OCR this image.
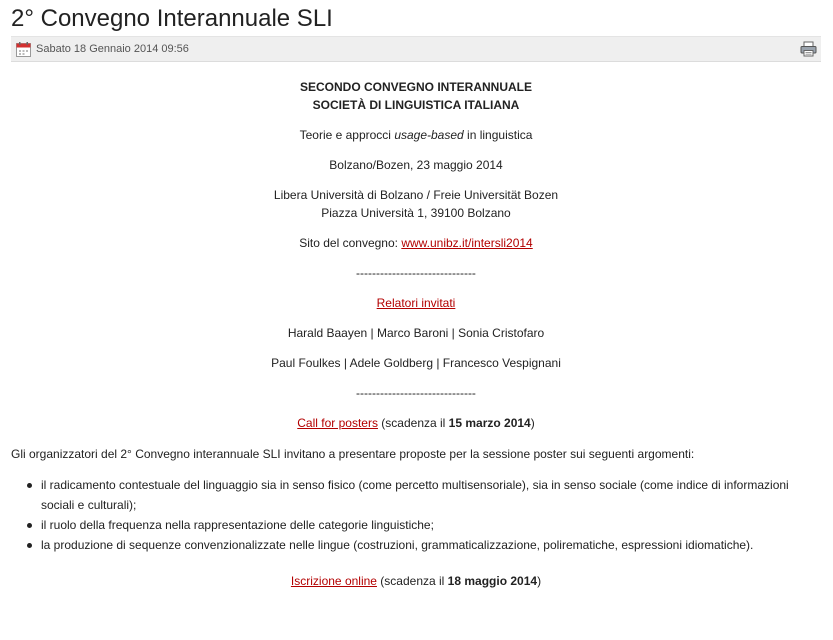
2° Convegno Interannuale SLI
Sabato 18 Gennaio 2014 09:56
SECONDO CONVEGNO INTERANNUALE
SOCIETÀ DI LINGUISTICA ITALIANA
Teorie e approcci usage-based in linguistica
Bolzano/Bozen, 23 maggio 2014
Libera Università di Bolzano / Freie Universität Bozen
Piazza Università 1, 39100 Bolzano
Sito del convegno: www.unibz.it/intersli2014
------------------------------
Relatori invitati
Harald Baayen | Marco Baroni | Sonia Cristofaro
Paul Foulkes | Adele Goldberg | Francesco Vespignani
------------------------------
Call for posters (scadenza il 15 marzo 2014)
Gli organizzatori del 2° Convegno interannuale SLI invitano a presentare proposte per la sessione poster sui seguenti argomenti:
il radicamento contestuale del linguaggio sia in senso fisico (come percetto multisensoriale), sia in senso sociale (come indice di informazioni
sociali e culturali);
il ruolo della frequenza nella rappresentazione delle categorie linguistiche;
la produzione di sequenze convenzionalizzate nelle lingue (costruzioni, grammaticalizzazione, polirematiche, espressioni idiomatiche).
Iscrizione online (scadenza il 18 maggio 2014)
